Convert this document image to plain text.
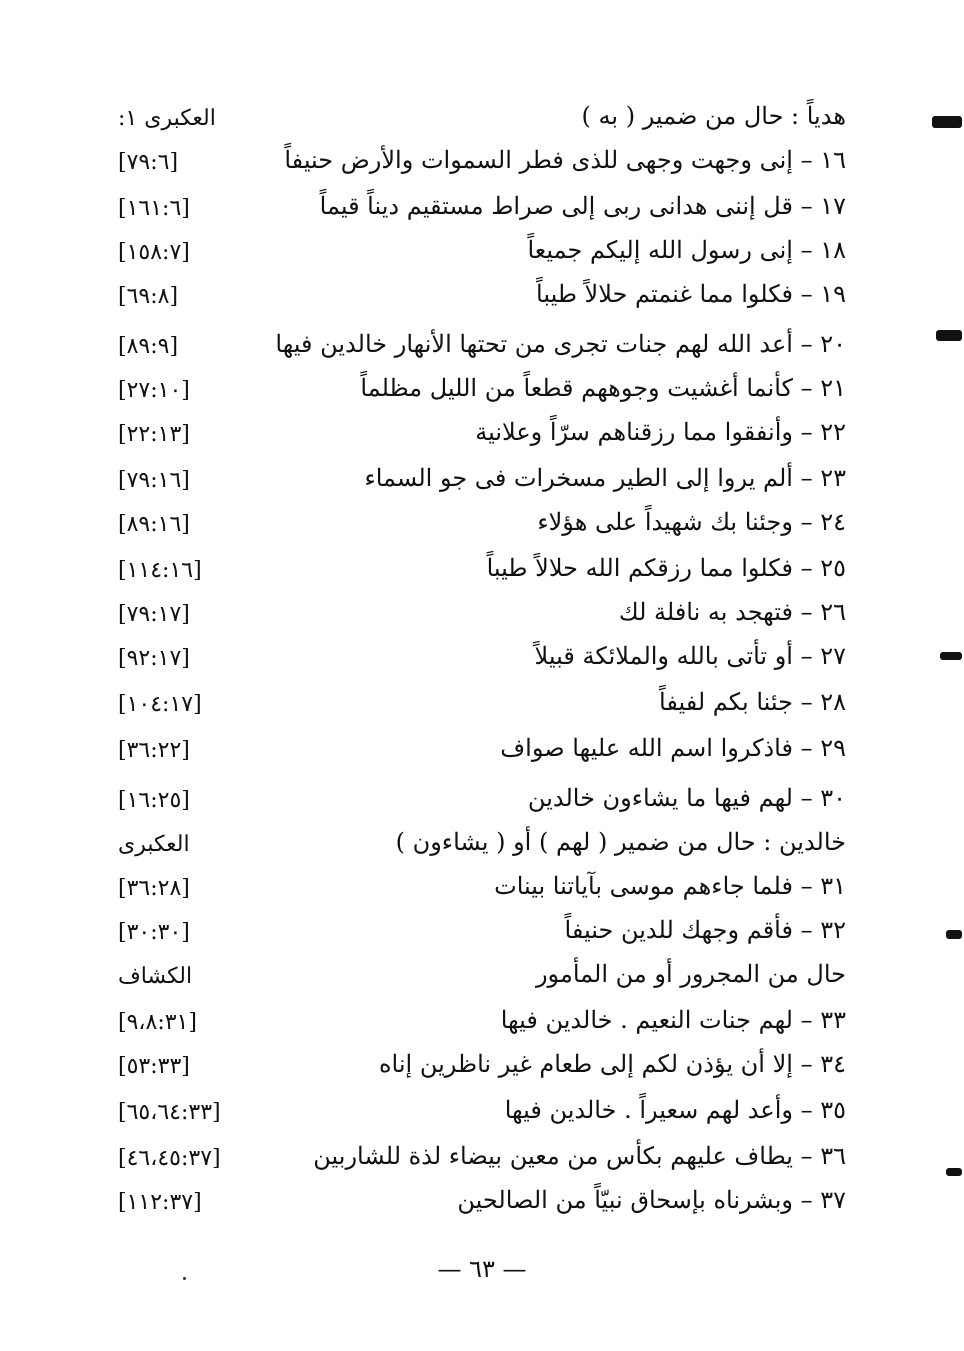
هدياً : حال من ضمير ( به )
العكبرى ١:
١٦ – إنى وجهت وجهى للذى فطر السموات والأرض حنيفاً
[٧٩:٦]
١٧ – قل إننى هدانى ربى إلى صراط مستقيم ديناً قيماً
[١٦١:٦]
١٨ – إنى رسول الله إليكم جميعاً
[١٥٨:٧]
١٩ – فكلوا مما غنمتم حلالاً طيباً
[٦٩:٨]
٢٠ – أعد الله لهم جنات تجرى من تحتها الأنهار خالدين فيها
[٨٩:٩]
٢١ – كأنما أغشيت وجوههم قطعاً من الليل مظلماً
[٢٧:١٠]
٢٢ – وأنفقوا مما رزقناهم سرّاً وعلانية
[٢٢:١٣]
٢٣ – ألم يروا إلى الطير مسخرات فى جو السماء
[٧٩:١٦]
٢٤ – وجئنا بك شهيداً على هؤلاء
[٨٩:١٦]
٢٥ – فكلوا مما رزقكم الله حلالاً طيباً
[١١٤:١٦]
٢٦ – فتهجد به نافلة لك
[٧٩:١٧]
٢٧ – أو تأتى بالله والملائكة قبيلاً
[٩٢:١٧]
٢٨ – جئنا بكم لفيفاً
[١٠٤:١٧]
٢٩ – فاذكروا اسم الله عليها صواف
[٣٦:٢٢]
٣٠ – لهم فيها ما يشاءون خالدين
[١٦:٢٥]
خالدين : حال من ضمير ( لهم ) أو ( يشاءون )
العكبرى
٣١ – فلما جاءهم موسى بآياتنا بينات
[٣٦:٢٨]
٣٢ – فأقم وجهك للدين حنيفاً
[٣٠:٣٠]
حال من المجرور أو من المأمور
الكشاف
٣٣ – لهم جنات النعيم . خالدين فيها
[٩،٨:٣١]
٣٤ – إلا أن يؤذن لكم إلى طعام غير ناظرين إناه
[٥٣:٣٣]
٣٥ – وأعد لهم سعيراً . خالدين فيها
[٦٥،٦٤:٣٣]
٣٦ – يطاف عليهم بكأس من معين بيضاء لذة للشاربين
[٤٦،٤٥:٣٧]
٣٧ – وبشرناه بإسحاق نبيّاً من الصالحين
[١١٢:٣٧]
— ٦٣ —
